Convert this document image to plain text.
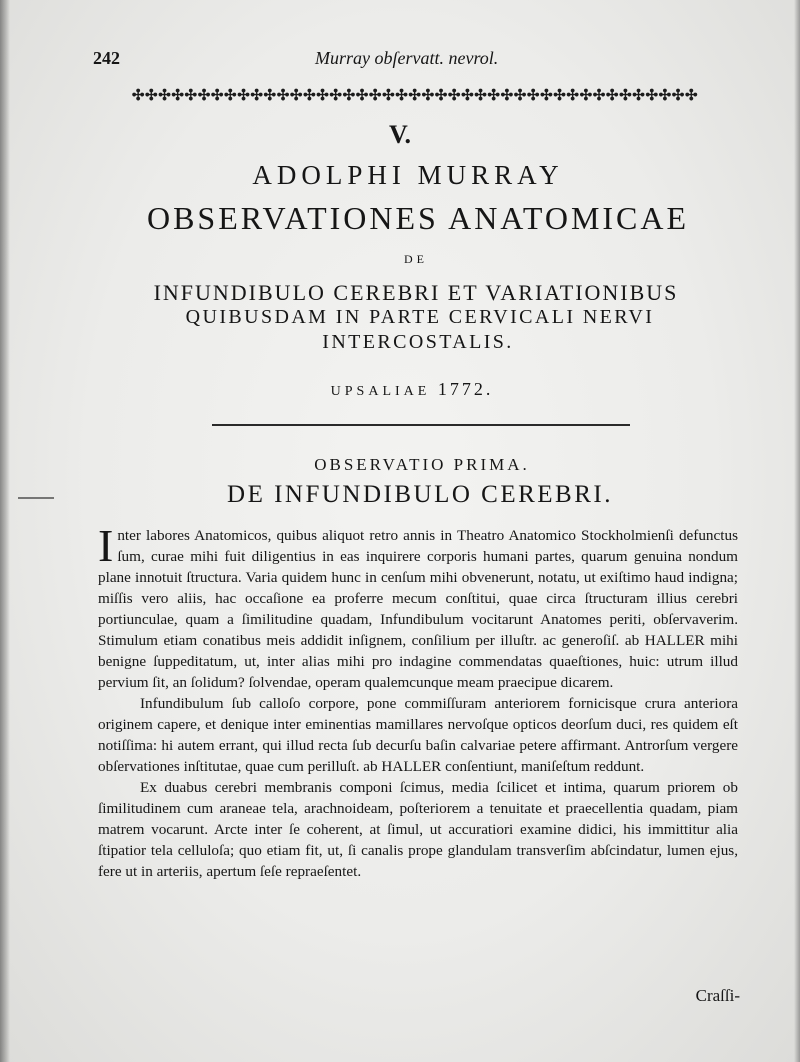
242	Murray obſervatt. nevrol.
✣✣✣✣✣✣✣✣✣✣✣✣✣✣✣✣✣✣✣✣✣✣✣✣✣✣✣✣✣✣✣✣✣✣✣✣✣✣✣✣✣✣✣
V.
ADOLPHI MURRAY
OBSERVATIONES ANATOMICAE
DE
INFUNDIBULO CEREBRI ET VARIATIONIBUS
QUIBUSDAM IN PARTE CERVICALI NERVI
INTERCOSTALIS.
UPSALIAE 1772.
OBSERVATIO PRIMA.
DE INFUNDIBULO CEREBRI.

Inter labores Anatomicos, quibus aliquot retro annis in Theatro Anatomico Stockholmienſi defunctus ſum, curae mihi fuit diligentius in eas inquirere corporis humani partes, quarum genuina nondum plane innotuit ſtructura. Varia quidem hunc in cenſum mihi obvenerunt, notatu, ut exiſtimo haud indigna; miſſis vero aliis, hac occaſione ea proferre mecum conſtitui, quae circa ſtructuram illius cerebri portiunculae, quam a ſimilitudine quadam, Infundibulum vocitarunt Anatomes periti, obſervaverim. Stimulum etiam conatibus meis addidit inſignem, conſilium per illuſtr. ac generoſiſ. ab HALLER mihi benigne ſuppeditatum, ut, inter alias mihi pro indagine commendatas quaeſtiones, huic: utrum illud pervium ſit, an ſolidum? ſolvendae, operam qualemcunque meam praecipue dicarem.

Infundibulum ſub calloſo corpore, pone commiſſuram anteriorem fornicisque crura anteriora originem capere, et denique inter eminentias mamillares nervoſque opticos deorſum duci, res quidem eſt notiſſima: hi autem errant, qui illud recta ſub decurſu baſin calvariae petere affirmant. Antrorſum vergere obſervationes inſtitutae, quae cum perilluſt. ab HALLER conſentiunt, maniſeſtum reddunt.

Ex duabus cerebri membranis componi ſcimus, media ſcilicet et intima, quarum priorem ob ſimilitudinem cum araneae tela, arachnoideam, poſteriorem a tenuitate et praecellentia quadam, piam matrem vocarunt. Arcte inter ſe coherent, at ſimul, ut accuratiori examine didici, his immittitur alia ſtipatior tela celluloſa; quo etiam fit, ut, ſi canalis prope glandulam transverſim abſcindatur, lumen ejus, fere ut in arteriis, apertum ſeſe repraeſentet.

Craſſi-
